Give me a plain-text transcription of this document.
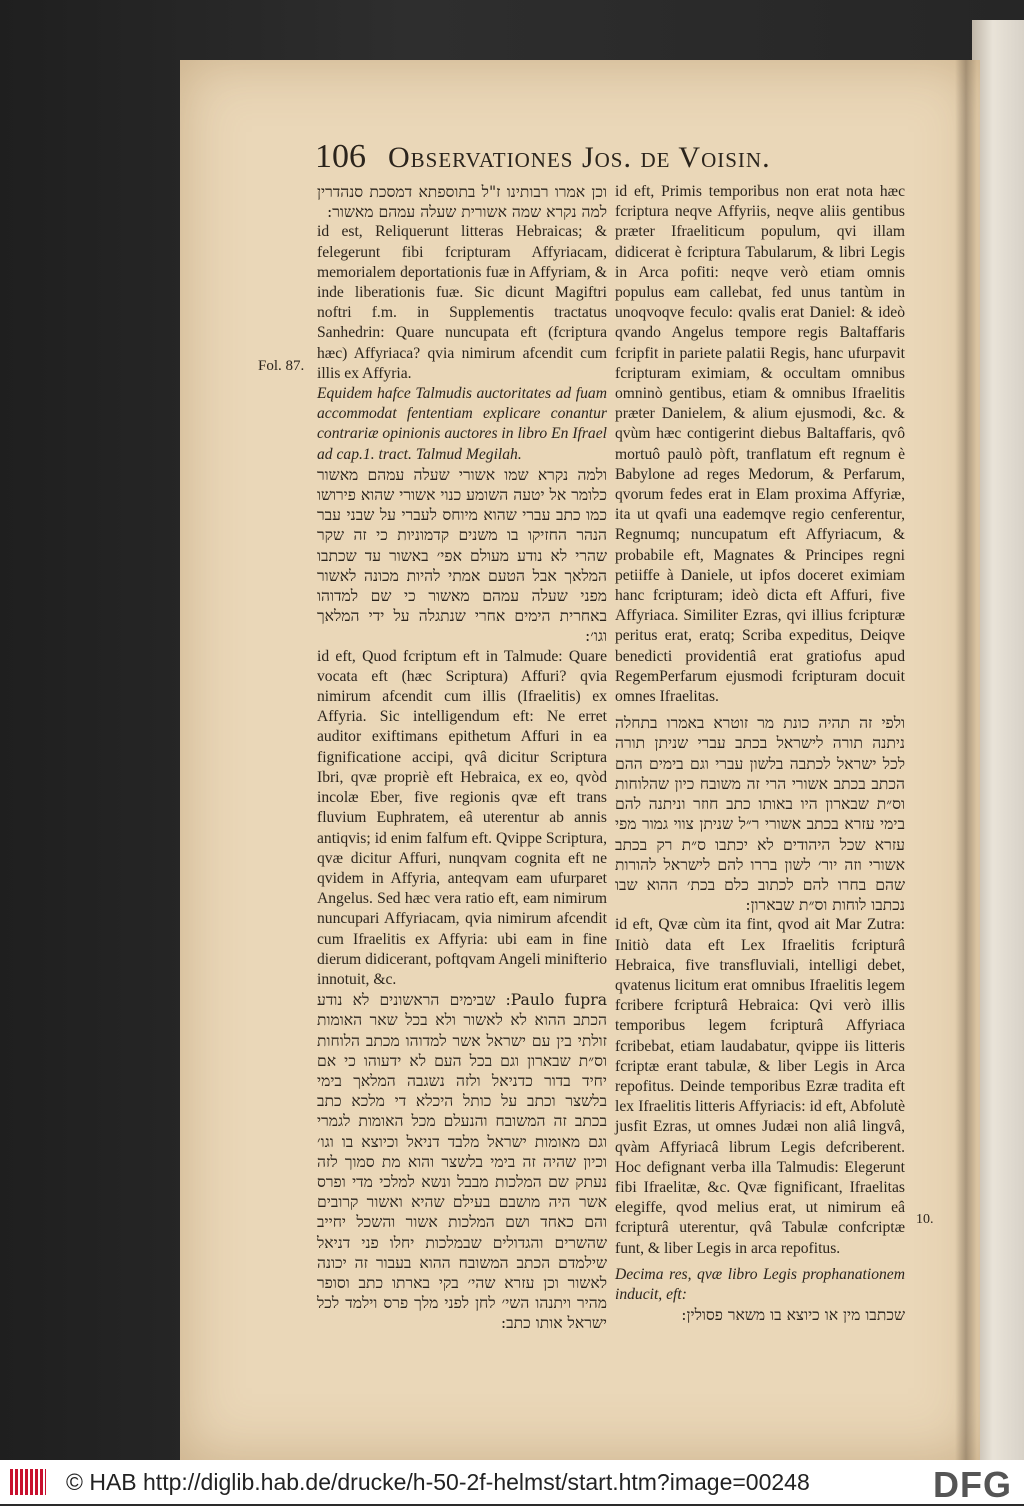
106 Observationes Jos. de Voisin.
Fol. 87.
10.

וכן אמרו רבותינו ז"ל בתוספתא דמסכת סנהדרין למה נקרא שמה אשורית שעלה עמהם מאשור:

id est, Reliquerunt litteras Hebraicas; & felegerunt fibi fcripturam Affyriacam, memorialem deportationis fuæ in Affyriam, & inde liberationis fuæ. Sic dicunt Magiftri noftri f.m. in Supplementis tractatus Sanhedrin: Quare nuncupata eft (fcriptura hæc) Affyriaca? qvia nimirum afcendit cum illis ex Affyria.

Equidem hafce Talmudis auctoritates ad fuam accommodat fententiam explicare conantur contrariæ opinionis auctores in libro En Ifrael ad cap.1. tract. Talmud Megilah.

ולמה נקרא שמו אשורי שעלה עמהם מאשור כלומר אל יטעה השומע כנוי אשורי שהוא פירושו כמו כתב עברי שהוא מיוחס לעברי על שבני עבר הנהר החזיקו בו משנים קדמוניות כי זה שקר שהרי לא נודע מעולם אפי׳ באשור עד שכתבו המלאך אבל הטעם אמתי להיות מכונה לאשור מפני שעלה עמהם מאשור כי שם למדוהו באחרית הימים אחרי שנתגלה על ידי המלאך וגו׳:

id eft, Quod fcriptum eft in Talmude: Quare vocata eft (hæc Scriptura) Affuri? qvia nimirum afcendit cum illis (Ifraelitis) ex Affyria. Sic intelligendum eft: Ne erret auditor exiftimans epithetum Affuri in ea fignificatione accipi, qvâ dicitur Scriptura Ibri, qvæ propriè eft Hebraica, ex eo, qvòd incolæ Eber, five regionis qvæ eft trans fluvium Euphratem, eâ uterentur ab annis antiqvis; id enim falfum eft. Qvippe Scriptura, qvæ dicitur Affuri, nunqvam cognita eft ne qvidem in Affyria, antеqvam eam ufurparet Angelus. Sed hæc vera ratio eft, eam nimirum nuncupari Affyriacam, qvia nimirum afcendit cum Ifraelitis ex Affyria: ubi eam in fine dierum didicerant, poftqvam Angeli minifterio innotuit, &c.

Paulo fupra: שבימים הראשונים לא נודע הכתב ההוא לא לאשור ולא בכל שאר האומות זולתי בין עם ישראל אשר למדוהו מכתב הלוחות וס״ת שבארון וגם בכל העם לא ידעוהו כי אם יחיד בדור כדניאל ולזה נשגבה המלאך בימי בלשצר וכתב על כותל היכלא די מלכא כתב בכתב זה המשובח והנעלם מכל האומות לגמרי וגם מאומות ישראל מלבד דניאל וכיוצא בו וגו׳ וכיון שהיה זה בימי בלשצר והוא מת סמוך לזה נעתק שם המלכות מבבל ונשא למלכי מדי ופרס אשר היה מושבם בעילם שהיא ואשור קרובים והם כאחד ושם המלכות אשור והשכל יחייב שהשרים והגדולים שבמלכות יחלו פני דניאל שילמדם הכתב המשובח ההוא בעבור זה יכונה לאשור וכן עזרא שהי׳ בקי בארתו כתב וסופר מהיר ויתנהו השי׳ לחן לפני מלך פרס וילמד לכל ישראל אותו כתב:

id eft, Primis temporibus non erat nota hæc fcriptura neqve Affyriis, neqve aliis gentibus præter Ifraeliticum populum, qvi illam didicerat è fcriptura Tabularum, & libri Legis in Arca pofiti: neqve verò etiam omnis populus eam callebat, fed unus tantùm in unoqvoqve feculo: qvalis erat Daniel: & ideò qvando Angelus tempore regis Baltaffaris fcripfit in pariete palatii Regis, hanc ufurpavit fcripturam eximiam, & occultam omnibus omninò gentibus, etiam & omnibus Ifraelitis præter Danielem, & alium ejusmodi, &c. & qvùm hæc contigerint diebus Baltaffaris, qvô mortuô paulò pòft, tranflatum eft regnum è Babylone ad reges Medorum, & Perfarum, qvorum fedes erat in Elam proxima Affyriæ, ita ut qvafi una eademqve regio cenferentur, Regnumq; nuncupatum eft Affyriacum, & probabile eft, Magnates & Principes regni petiiffe à Daniele, ut ipfos doceret eximiam hanc fcripturam; ideò dicta eft Affuri, five Affyriaca. Similiter Ezras, qvi illius fcripturæ peritus erat, eratq; Scriba expeditus, Deiqve benedicti providentiâ erat gratiofus apud RegemPerfarum ejusmodi fcripturam docuit omnes Ifraelitas.

ולפי זה תהיה כונת מר זוטרא באמרו בתחלה ניתנה תורה לישראל בכתב עברי שניתן תורה לכל ישראל לכתבה בלשון עברי וגם בימים ההם הכתב בכתב אשורי הרי זה משובח כיון שהלוחות וס״ת שבארון היו באותו כתב חוזר וניתנה להם בימי עזרא בכתב אשורי ר״ל שניתן צווי גמור מפי עזרא שכל היהודים לא יכתבו ס״ת רק בכתב אשורי וזה יור׳ לשון בררו להם לישראל להורות שהם בחרו להם לכתוב כלם בכת׳ ההוא שבו נכתבו לוחות וס״ת שבארון:

id eft, Qvæ cùm ita fint, qvod ait Mar Zutra: Initiò data eft Lex Ifraelitis fcripturâ Hebraica, five transfluviali, intelligi debet, qvatenus licitum erat omnibus Ifraelitis legem fcribere fcripturâ Hebraica: Qvi verò illis temporibus legem fcripturâ Affyriaca fcribebat, etiam laudabatur, qvippe iis litteris fcriptæ erant tabulæ, & liber Legis in Arca repofitus. Deinde temporibus Ezræ tradita eft lex Ifraelitis litteris Affyriacis: id eft, Abfolutè jusfit Ezras, ut omnes Judæi non aliâ lingvâ, qvàm Affyriacâ librum Legis defcriberent. Hoc defignant verba illa Talmudis: Elegerunt fibi Ifraelitæ, &c. Qvæ fignificant, Ifraelitas elegiffe, qvod melius erat, ut nimirum eâ fcripturâ uterentur, qvâ Tabulæ confcriptæ funt, & liber Legis in arca repofitus.

Decima res, qvæ libro Legis prophanationem inducit, eft:

שכתבו מין או כיוצא בו משאר פסולין:

© HAB http://diglib.hab.de/drucke/h-50-2f-helmst/start.htm?image=00248	DFG
